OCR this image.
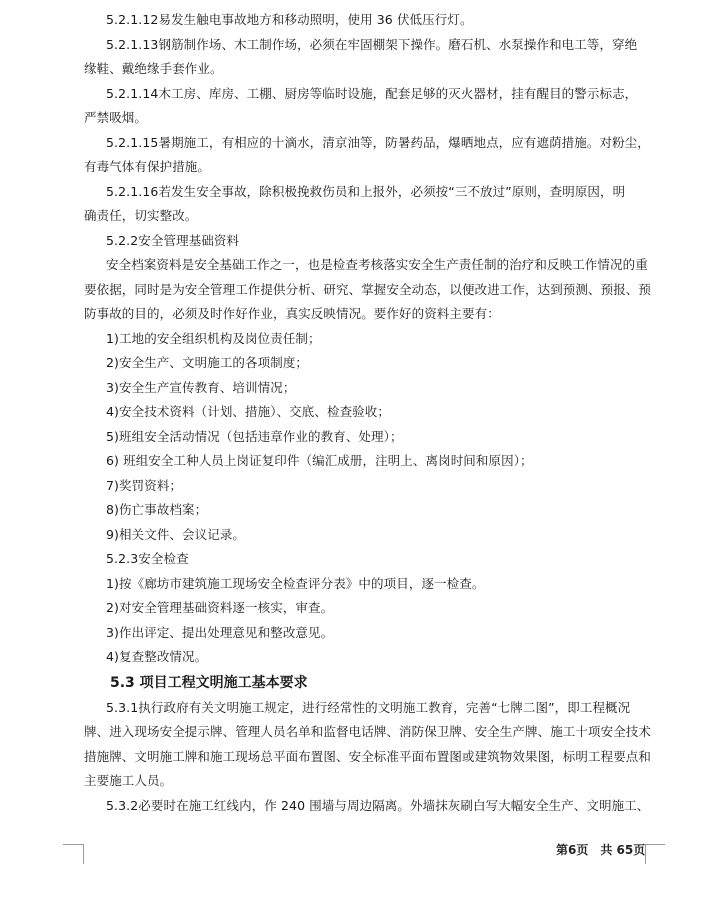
5.2.1.12易发生触电事故地方和移动照明，使用 36 伏低压行灯。
5.2.1.13钢筋制作场、木工制作场，必须在牢固棚架下操作。磨石机、水泵操作和电工等，穿绝
缘鞋、戴绝缘手套作业。
5.2.1.14木工房、库房、工棚、厨房等临时设施，配套足够的灭火器材，挂有醒目的警示标志，
严禁吸烟。
5.2.1.15暑期施工，有相应的十滴水，清京油等，防暑药品，爆晒地点，应有遮荫措施。对粉尘，
有毒气体有保护措施。
5.2.1.16若发生安全事故，除积极挽救伤员和上报外，必须按“三不放过”原则，查明原因，明
确责任，切实整改。
5.2.2安全管理基础资料
安全档案资料是安全基础工作之一，也是检查考核落实安全生产责任制的治疗和反映工作情况的重
要依据，同时是为安全管理工作提供分析、研究、掌握安全动态，以便改进工作，达到预测、预报、预
防事故的目的，必须及时作好作业，真实反映情况。要作好的资料主要有：
1)工地的安全组织机构及岗位责任制；
2)安全生产、文明施工的各项制度；
3)安全生产宣传教育、培训情况；
4)安全技术资料（计划、措施）、交底、检查验收；
5)班组安全活动情况（包括违章作业的教育、处理）；
6) 班组安全工种人员上岗证复印件（编汇成册，注明上、离岗时间和原因）；
7)奖罚资料；
8)伤亡事故档案；
9)相关文件、会议记录。
5.2.3安全检查
1)按《廊坊市建筑施工现场安全检查评分表》中的项目，逐一检查。
2)对安全管理基础资料逐一核实，审查。
3)作出评定、提出处理意见和整改意见。
4)复查整改情况。
5.3 项目工程文明施工基本要求
5.3.1执行政府有关文明施工规定，进行经常性的文明施工教育，完善“七牌二图”，即工程概况
牌、进入现场安全提示牌、管理人员名单和监督电话牌、消防保卫牌、安全生产牌、施工十项安全技术
措施牌、文明施工牌和施工现场总平面布置图、安全标准平面布置图或建筑物效果图，标明工程要点和
主要施工人员。
5.3.2必要时在施工红线内，作 240 围墙与周边隔离。外墙抹灰刷白写大幅安全生产、文明施工、
第6页　共 65页
